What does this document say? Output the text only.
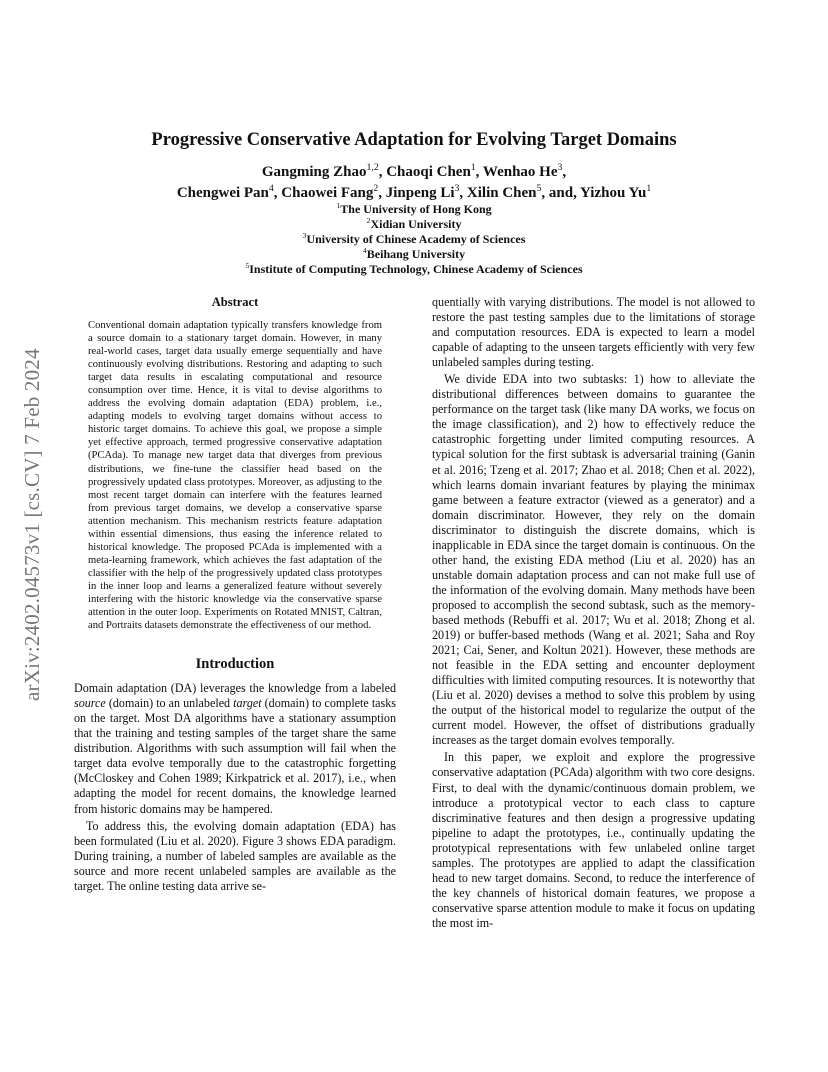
arXiv:2402.04573v1 [cs.CV] 7 Feb 2024
Progressive Conservative Adaptation for Evolving Target Domains
Gangming Zhao$^{1,2}$, Chaoqi Chen$^1$, Wenhao He$^3$,
Chengwei Pan$^4$, Chaowei Fang$^2$, Jinpeng Li$^3$, Xilin Chen$^5$, and, Yizhou Yu$^1$
$^1$The University of Hong Kong
$^2$Xidian University
$^3$University of Chinese Academy of Sciences
$^4$Beihang University
$^5$Institute of Computing Technology, Chinese Academy of Sciences
Abstract

Conventional domain adaptation typically transfers knowledge from a source domain to a stationary target domain. However, in many real-world cases, target data usually emerge sequentially and have continuously evolving distributions. Restoring and adapting to such target data results in escalating computational and resource consumption over time. Hence, it is vital to devise algorithms to address the evolving domain adaptation (EDA) problem, i.e., adapting models to evolving target domains without access to historic target domains. To achieve this goal, we propose a simple yet effective approach, termed progressive conservative adaptation (PCAda). To manage new target data that diverges from previous distributions, we fine-tune the classifier head based on the progressively updated class prototypes. Moreover, as adjusting to the most recent target domain can interfere with the features learned from previous target domains, we develop a conservative sparse attention mechanism. This mechanism restricts feature adaptation within essential dimensions, thus easing the inference related to historical knowledge. The proposed PCAda is implemented with a meta-learning framework, which achieves the fast adaptation of the classifier with the help of the progressively updated class prototypes in the inner loop and learns a generalized feature without severely interfering with the historic knowledge via the conservative sparse attention in the outer loop. Experiments on Rotated MNIST, Caltran, and Portraits datasets demonstrate the effectiveness of our method.

Introduction

Domain adaptation (DA) leverages the knowledge from a labeled source (domain) to an unlabeled target (domain) to complete tasks on the target. Most DA algorithms have a stationary assumption that the training and testing samples of the target share the same distribution. Algorithms with such assumption will fail when the target data evolve temporally due to the catastrophic forgetting (McCloskey and Cohen 1989; Kirkpatrick et al. 2017), i.e., when adapting the model for recent domains, the knowledge learned from historic domains may be hampered.

To address this, the evolving domain adaptation (EDA) has been formulated (Liu et al. 2020). Figure 3 shows EDA paradigm. During training, a number of labeled samples are available as the source and more recent unlabeled samples are available as the target. The online testing data arrive se-

quentially with varying distributions. The model is not allowed to restore the past testing samples due to the limitations of storage and computation resources. EDA is expected to learn a model capable of adapting to the unseen targets efficiently with very few unlabeled samples during testing.

We divide EDA into two subtasks: 1) how to alleviate the distributional differences between domains to guarantee the performance on the target task (like many DA works, we focus on the image classification), and 2) how to effectively reduce the catastrophic forgetting under limited computing resources. A typical solution for the first subtask is adversarial training (Ganin et al. 2016; Tzeng et al. 2017; Zhao et al. 2018; Chen et al. 2022), which learns domain invariant features by playing the minimax game between a feature extractor (viewed as a generator) and a domain discriminator. However, they rely on the domain discriminator to distinguish the discrete domains, which is inapplicable in EDA since the target domain is continuous. On the other hand, the existing EDA method (Liu et al. 2020) has an unstable domain adaptation process and can not make full use of the information of the evolving domain. Many methods have been proposed to accomplish the second subtask, such as the memory-based methods (Rebuffi et al. 2017; Wu et al. 2018; Zhong et al. 2019) or buffer-based methods (Wang et al. 2021; Saha and Roy 2021; Cai, Sener, and Koltun 2021). However, these methods are not feasible in the EDA setting and encounter deployment difficulties with limited computing resources. It is noteworthy that (Liu et al. 2020) devises a method to solve this problem by using the output of the historical model to regularize the output of the current model. However, the offset of distributions gradually increases as the target domain evolves temporally.

In this paper, we exploit and explore the progressive conservative adaptation (PCAda) algorithm with two core designs. First, to deal with the dynamic/continuous domain problem, we introduce a prototypical vector to each class to capture discriminative features and then design a progressive updating pipeline to adapt the prototypes, i.e., continually updating the prototypical representations with few unlabeled online target samples. The prototypes are applied to adapt the classification head to new target domains. Second, to reduce the interference of the key channels of historical domain features, we propose a conservative sparse attention module to make it focus on updating the most im-
